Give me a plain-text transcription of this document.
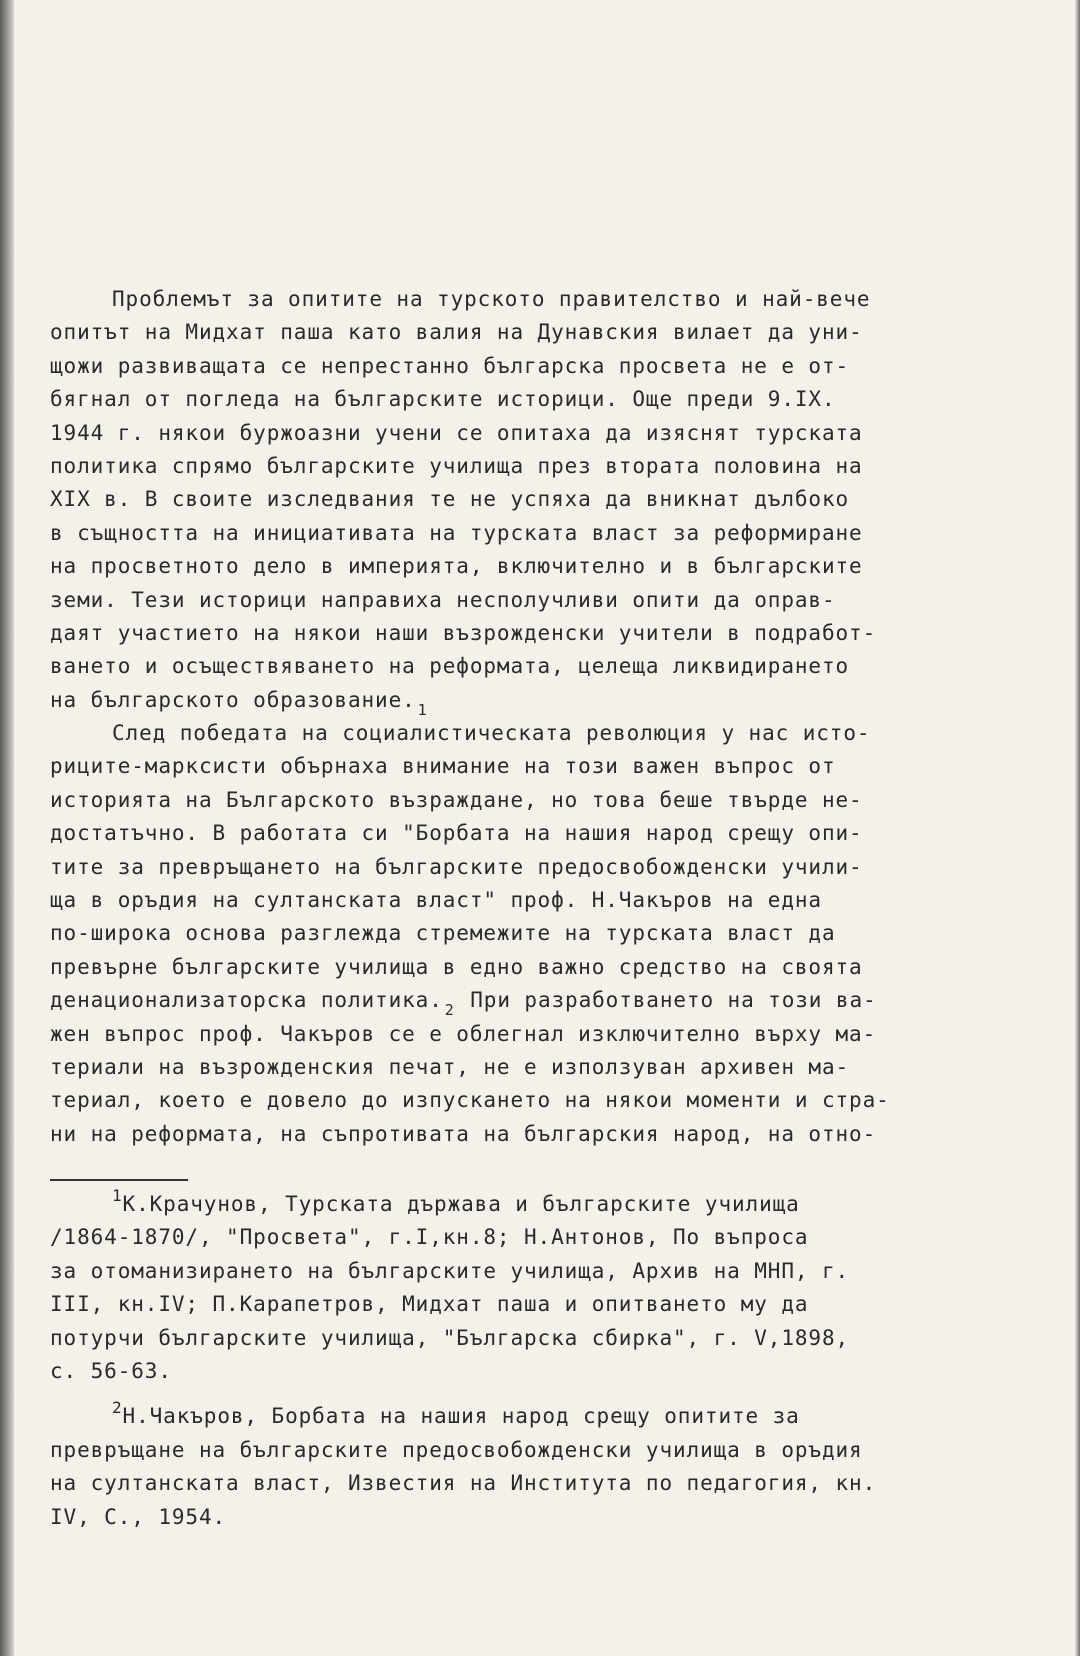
Проблемът за опитите на турското правителство и най-вече
опитът на Мидхат паша като валия на Дунавския вилает да уни-
щожи развиващата се непрестанно българска просвета не е от-
бягнал от погледа на българските историци. Още преди 9.IX.
1944 г. някои буржоазни учени се опитаха да изяснят турската
политика спрямо българските училища през втората половина на
XIX в. В своите изследвания те не успяха да вникнат дълбоко
в същността на инициативата на турската власт за реформиране
на просветното дело в империята, включително и в българските
земи. Тези историци направиха несполучливи опити да оправ-
даят участието на някои наши възрожденски учители в подработ-
ването и осъществяването на реформата, целеща ликвидирането
на българското образование. $^1$
След победата на социалистическата революция у нас исто-
риците-марксисти обърнаха внимание на този важен въпрос от
историята на Българското възраждане, но това беше твърде не-
достатъчно. В работата си "Борбата на нашия народ срещу опи-
тите за превръщането на българските предосвобожденски учили-
ща в оръдия на султанската власт" проф. Н.Чакъров на една
по-широка основа разглежда стремежите на турската власт да
превърне българските училища в едно важно средство на своята
денационализаторска политика. $^2$ При разработването на този ва-
жен въпрос проф. Чакъров се е облегнал изключително върху ма-
териали на възрожденския печат, не е използуван архивен ма-
териал, което е довело до изпускането на някои моменти и стра-
ни на реформата, на съпротивата на българския народ, на отно-
$^1$К.Крачунов, Турската държава и българските училища
/1864-1870/, "Просвета", г.I,кн.8; Н.Антонов, По въпроса
за отоманизирането на българските училища, Архив на МНП, г.
III, кн.IV; П.Карапетров, Мидхат паша и опитването му да
потурчи българските училища, "Българска сбирка", г. V,1898,
с. 56-63.
$^2$Н.Чакъров, Борбата на нашия народ срещу опитите за
превръщане на българските предосвобожденски училища в оръдия
на султанската власт, Известия на Института по педагогия, кн.
IV, С., 1954.
